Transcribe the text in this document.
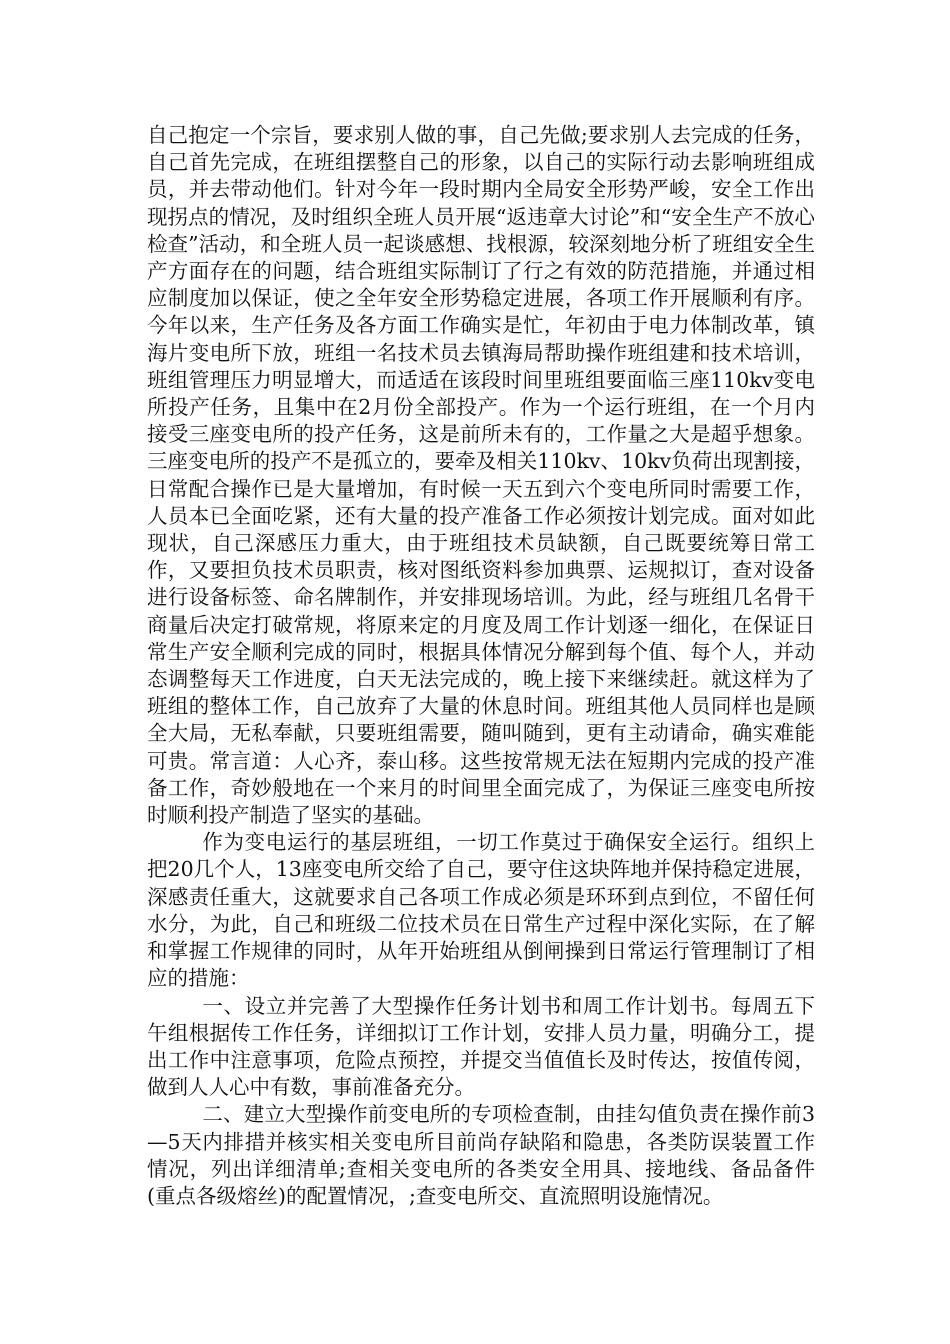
自己抱定一个宗旨，要求别人做的事，自己先做;要求别人去完成的任务，自己首先完成，在班组摆整自己的形象，以自己的实际行动去影响班组成员，并去带动他们。针对今年一段时期内全局安全形势严峻，安全工作出现拐点的情况，及时组织全班人员开展“返违章大讨论”和“安全生产不放心检查”活动，和全班人员一起谈感想、找根源，较深刻地分析了班组安全生产方面存在的问题，结合班组实际制订了行之有效的防范措施，并通过相应制度加以保证，使之全年安全形势稳定进展，各项工作开展顺利有序。今年以来，生产任务及各方面工作确实是忙，年初由于电力体制改革，镇海片变电所下放，班组一名技术员去镇海局帮助操作班组建和技术培训，班组管理压力明显增大，而适适在该段时间里班组要面临三座110kv变电所投产任务，且集中在2月份全部投产。作为一个运行班组，在一个月内接受三座变电所的投产任务，这是前所未有的，工作量之大是超乎想象。三座变电所的投产不是孤立的，要牵及相关110kv、10kv负荷出现割接，日常配合操作已是大量增加，有时候一天五到六个变电所同时需要工作，人员本已全面吃紧，还有大量的投产准备工作必须按计划完成。面对如此现状，自己深感压力重大，由于班组技术员缺额，自己既要统筹日常工作，又要担负技术员职责，核对图纸资料参加典票、运规拟订，查对设备进行设备标签、命名牌制作，并安排现场培训。为此，经与班组几名骨干商量后决定打破常规，将原来定的月度及周工作计划逐一细化，在保证日常生产安全顺利完成的同时，根据具体情况分解到每个值、每个人，并动态调整每天工作进度，白天无法完成的，晚上接下来继续赶。就这样为了班组的整体工作，自己放弃了大量的休息时间。班组其他人员同样也是顾全大局，无私奉献，只要班组需要，随叫随到，更有主动请命，确实难能可贵。常言道：人心齐，泰山移。这些按常规无法在短期内完成的投产准备工作，奇妙般地在一个来月的时间里全面完成了，为保证三座变电所按时顺利投产制造了坚实的基础。

作为变电运行的基层班组，一切工作莫过于确保安全运行。组织上把20几个人，13座变电所交给了自己，要守住这块阵地并保持稳定进展，深感责任重大，这就要求自己各项工作成必须是环环到点到位，不留任何水分，为此，自己和班级二位技术员在日常生产过程中深化实际，在了解和掌握工作规律的同时，从年开始班组从倒闸操到日常运行管理制订了相应的措施：

一、设立并完善了大型操作任务计划书和周工作计划书。每周五下午组根据传工作任务，详细拟订工作计划，安排人员力量，明确分工，提出工作中注意事项，危险点预控，并提交当值值长及时传达，按值传阅，做到人人心中有数，事前准备充分。

二、建立大型操作前变电所的专项检查制，由挂勾值负责在操作前3—5天内排措并核实相关变电所目前尚存缺陷和隐患，各类防误装置工作情况，列出详细清单;查相关变电所的各类安全用具、接地线、备品备件(重点各级熔丝)的配置情况，;查变电所交、直流照明设施情况。
